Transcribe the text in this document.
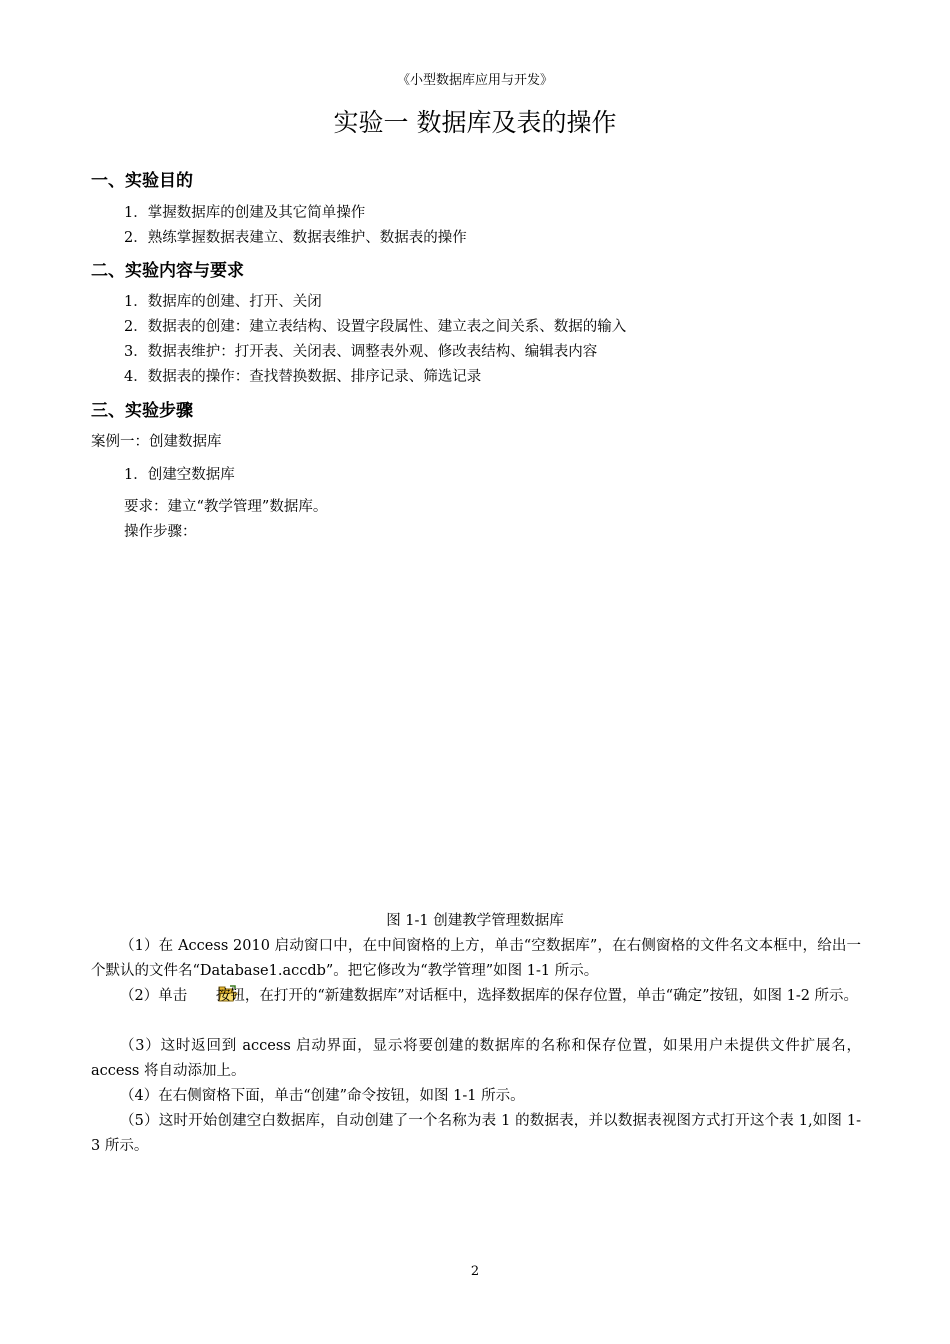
《小型数据库应用与开发》
实验一 数据库及表的操作
一、实验目的
1．掌握数据库的创建及其它简单操作
2．熟练掌握数据表建立、数据表维护、数据表的操作
二、实验内容与要求
1．数据库的创建、打开、关闭
2．数据表的创建：建立表结构、设置字段属性、建立表之间关系、数据的输入
3．数据表维护：打开表、关闭表、调整表外观、修改表结构、编辑表内容
4．数据表的操作：查找替换数据、排序记录、筛选记录
三、实验步骤
案例一：创建数据库
1．创建空数据库
要求：建立“教学管理”数据库。
操作步骤：
图 1-1 创建教学管理数据库
（1）在 Access 2010 启动窗口中，在中间窗格的上方，单击“空数据库”，在右侧窗格的文件名文本框中，给出一个默认的文件名“Database1.accdb”。把它修改为“教学管理”如图 1-1 所示。
（2）单击 按钮，在打开的“新建数据库”对话框中，选择数据库的保存位置，单击“确定”按钮，如图 1-2 所示。
（3）这时返回到 access 启动界面，显示将要创建的数据库的名称和保存位置，如果用户未提供文件扩展名，access 将自动添加上。
（4）在右侧窗格下面，单击“创建”命令按钮，如图 1-1 所示。
（5）这时开始创建空白数据库，自动创建了一个名称为表 1 的数据表，并以数据表视图方式打开这个表 1,如图 1-3 所示。
2
